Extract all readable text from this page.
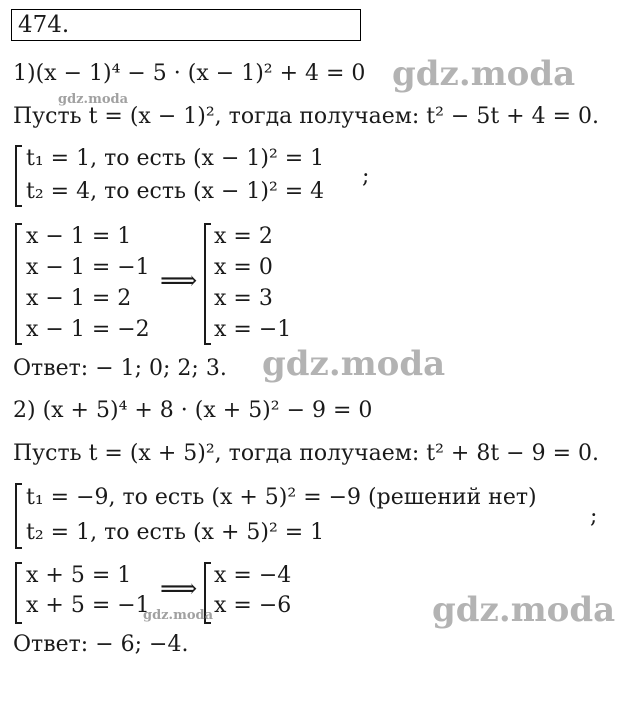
474.
1)(x − 1)⁴ − 5 · (x − 1)² + 4 = 0 gdz.moda
gdz.moda
Пусть t = (x − 1)², тогда получаем: t² − 5t + 4 = 0.
t₁ = 1, то есть (x − 1)² = 1
t₂ = 4, то есть (x − 1)² = 4
;
x − 1 = 1
x − 1 = −1
x − 1 = 2
x − 1 = −2
⟹
x = 2
x = 0
x = 3
x = −1
Ответ: − 1; 0; 2; 3. gdz.moda
2) (x + 5)⁴ + 8 · (x + 5)² − 9 = 0
Пусть t = (x + 5)², тогда получаем: t² + 8t − 9 = 0.
t₁ = −9, то есть (x + 5)² = −9 (решений нет)
t₂ = 1, то есть (x + 5)² = 1
;
x + 5 = 1
x + 5 = −1
⟹ x = −4
x = −6
gdz.moda	gdz.moda
Ответ: − 6; −4.
